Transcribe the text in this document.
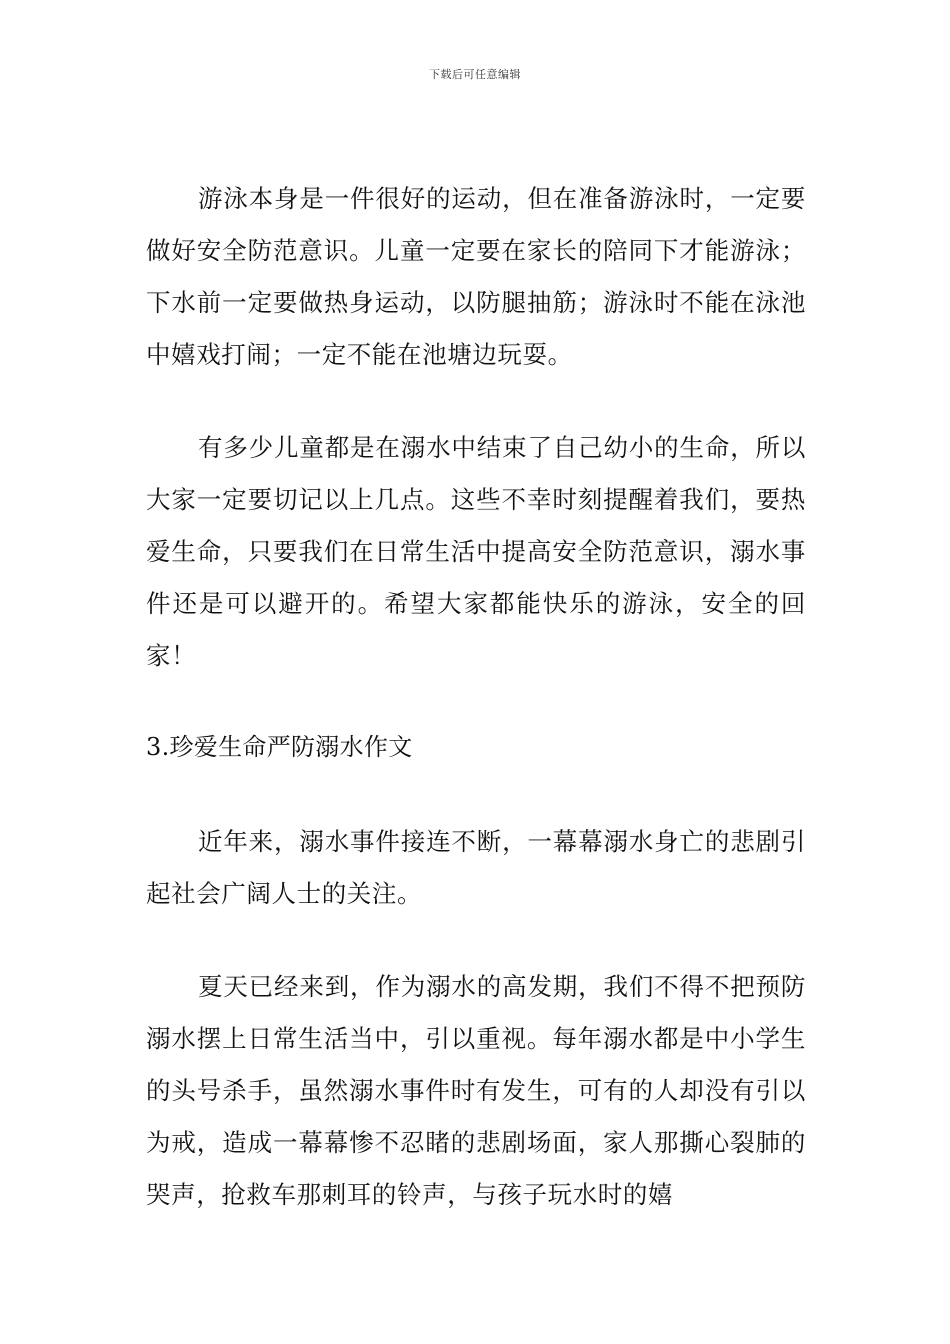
下载后可任意编辑

游泳本身是一件很好的运动，但在准备游泳时，一定要做好安全防范意识。儿童一定要在家长的陪同下才能游泳；下水前一定要做热身运动，以防腿抽筋；游泳时不能在泳池中嬉戏打闹；一定不能在池塘边玩耍。

有多少儿童都是在溺水中结束了自己幼小的生命，所以大家一定要切记以上几点。这些不幸时刻提醒着我们，要热爱生命，只要我们在日常生活中提高安全防范意识，溺水事件还是可以避开的。希望大家都能快乐的游泳，安全的回家！

3.珍爱生命严防溺水作文

近年来，溺水事件接连不断，一幕幕溺水身亡的悲剧引起社会广阔人士的关注。

夏天已经来到，作为溺水的高发期，我们不得不把预防溺水摆上日常生活当中，引以重视。每年溺水都是中小学生的头号杀手，虽然溺水事件时有发生，可有的人却没有引以为戒，造成一幕幕惨不忍睹的悲剧场面，家人那撕心裂肺的哭声，抢救车那刺耳的铃声，与孩子玩水时的嬉
